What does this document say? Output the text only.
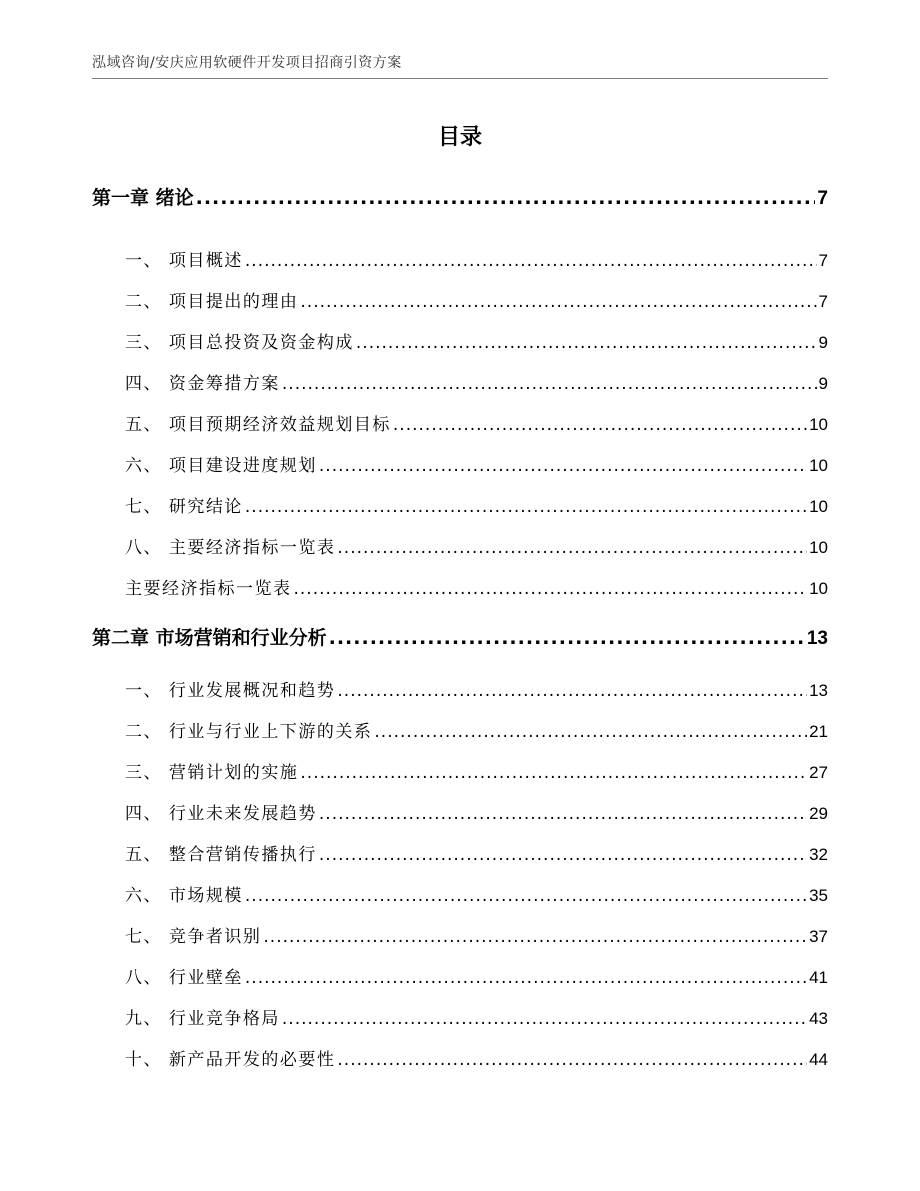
泓域咨询/安庆应用软硬件开发项目招商引资方案
目录
第一章 绪论 .....	7
一、 项目概述 .....	7
二、 项目提出的理由 .....	7
三、 项目总投资及资金构成 .....	9
四、 资金筹措方案 .....	9
五、 项目预期经济效益规划目标 .....	10
六、 项目建设进度规划 .....	10
七、 研究结论 .....	10
八、 主要经济指标一览表 .....	10
主要经济指标一览表 .....	10
第二章 市场营销和行业分析 .....	13
一、 行业发展概况和趋势 .....	13
二、 行业与行业上下游的关系 .....	21
三、 营销计划的实施 .....	27
四、 行业未来发展趋势 .....	29
五、 整合营销传播执行 .....	32
六、 市场规模 .....	35
七、 竞争者识别 .....	37
八、 行业壁垒 .....	41
九、 行业竞争格局 .....	43
十、 新产品开发的必要性 .....	44
